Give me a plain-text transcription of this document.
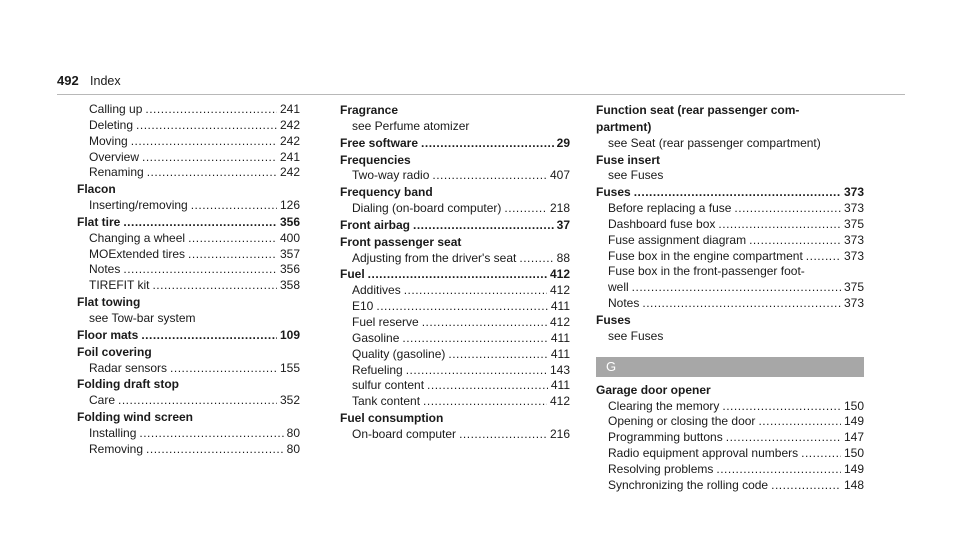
492 Index
Calling up .....	241
Deleting .....	242
Moving .....	242
Overview .....	241
Renaming .....	242
Flacon
Inserting/removing .....	126
Flat tire .....	356
Changing a wheel .....	400
MOExtended tires .....	357
Notes .....	356
TIREFIT kit .....	358
Flat towing
see Tow-bar system
Floor mats .....	109
Foil covering
Radar sensors .....	155
Folding draft stop
Care .....	352
Folding wind screen
Installing .....	80
Removing .....	80
Fragrance
see Perfume atomizer
Free software .....	29
Frequencies
Two-way radio .....	407
Frequency band
Dialing (on-board computer) .....	218
Front airbag .....	37
Front passenger seat
Adjusting from the driver's seat .....	88
Fuel .....	412
Additives .....	412
E10 .....	411
Fuel reserve .....	412
Gasoline .....	411
Quality (gasoline) .....	411
Refueling .....	143
sulfur content .....	411
Tank content .....	412
Fuel consumption
On-board computer .....	216
Function seat (rear passenger com-
partment)
see Seat (rear passenger compartment)
Fuse insert
see Fuses
Fuses .....	373
Before replacing a fuse .....	373
Dashboard fuse box .....	375
Fuse assignment diagram .....	373
Fuse box in the engine compartment .....	373
Fuse box in the front-passenger foot-
well .....	375
Notes .....	373
Fuses
see Fuses
G
Garage door opener
Clearing the memory .....	150
Opening or closing the door .....	149
Programming buttons .....	147
Radio equipment approval numbers .....	150
Resolving problems .....	149
Synchronizing the rolling code .....	148
